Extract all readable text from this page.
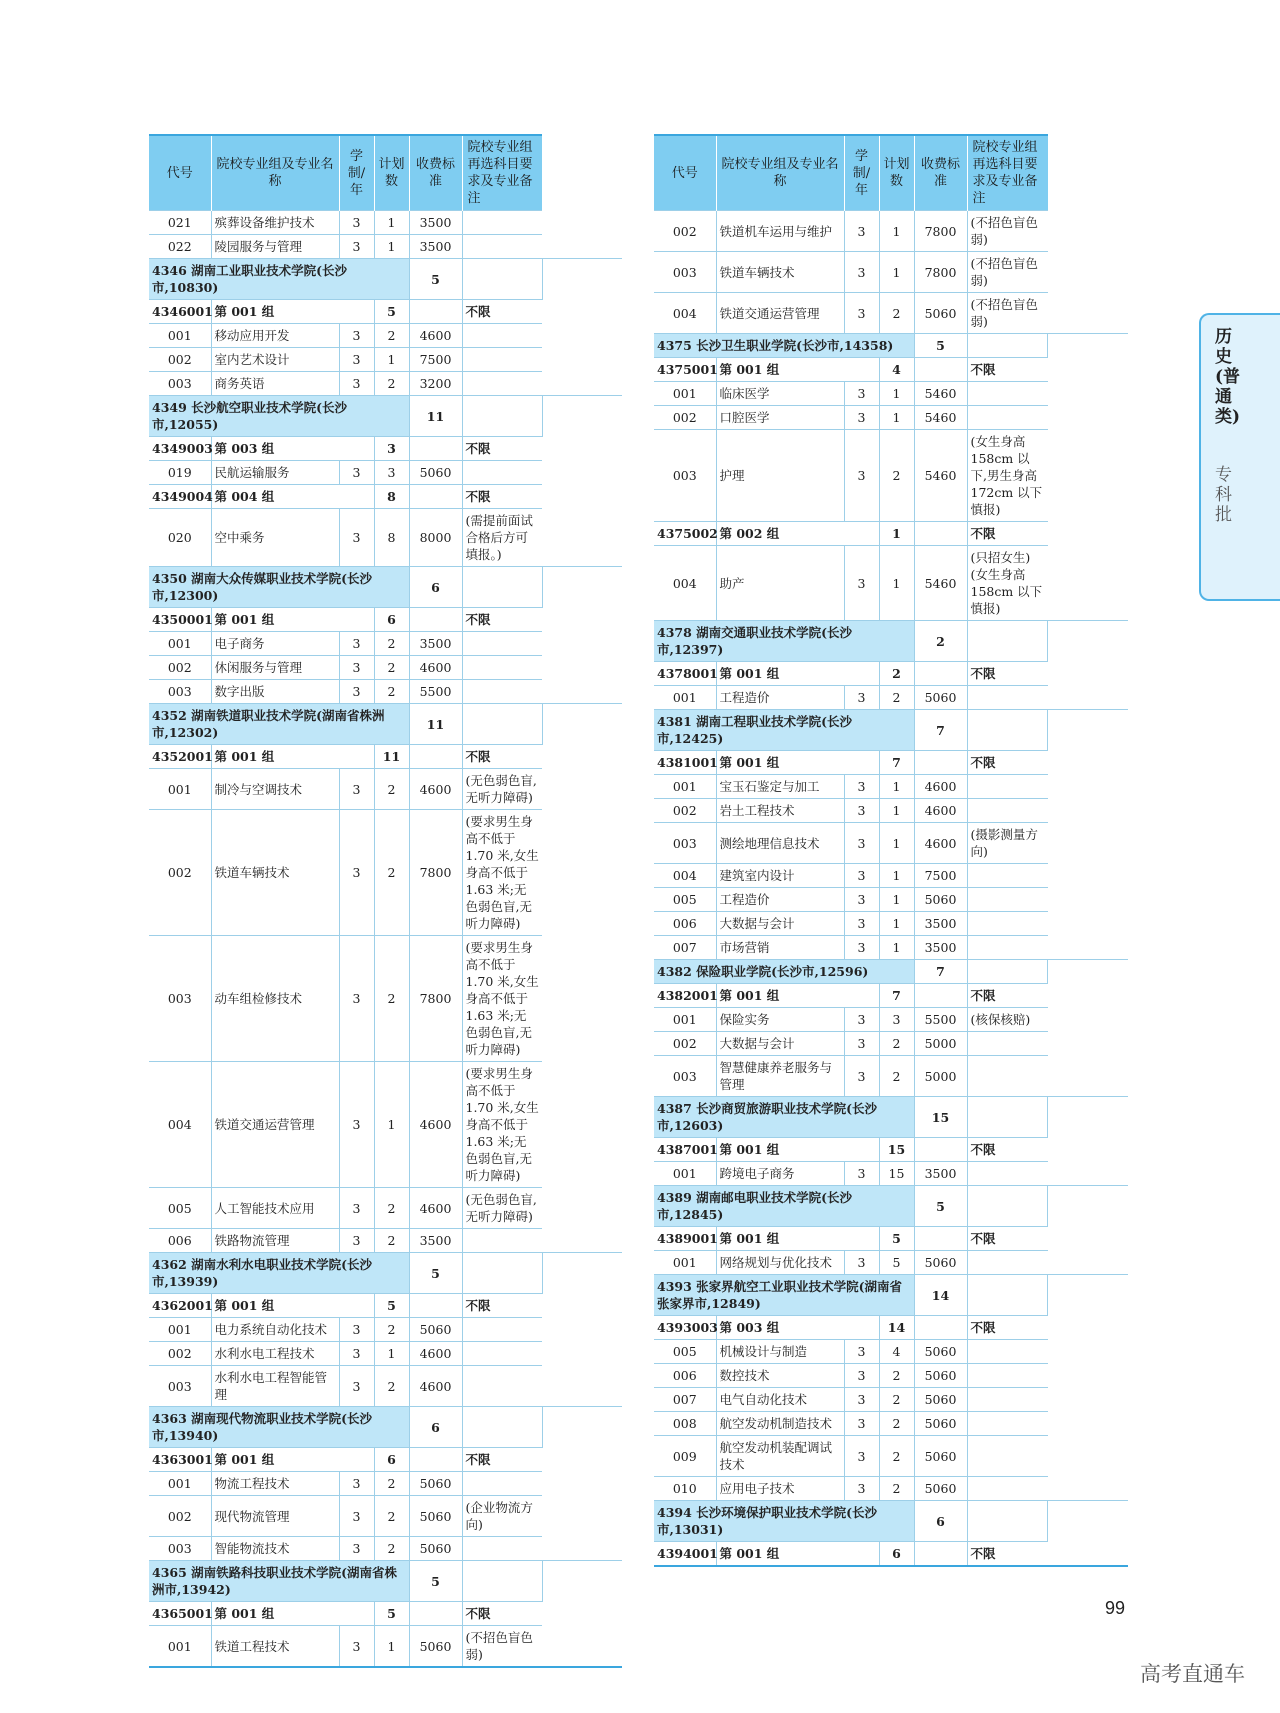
代号	院校专业组及专业名称	学制/年	计划数	收费标准	院校专业组再选科目要求及专业备注	
021	殡葬设备维护技术	3	1	3500		
022	陵园服务与管理	3	1	3500		
4346 湖南工业职业技术学院(长沙市,10830)				5		
4346001	第 001 组		5		不限	
001	移动应用开发	3	2	4600		
002	室内艺术设计	3	1	7500		
003	商务英语	3	2	3200		
4349 长沙航空职业技术学院(长沙市,12055)				11		
4349003	第 003 组		3		不限	
019	民航运输服务	3	3	5060		
4349004	第 004 组		8		不限	
020	空中乘务	3	8	8000	(需提前面试合格后方可填报。)	
4350 湖南大众传媒职业技术学院(长沙市,12300)				6		
4350001	第 001 组		6		不限	
001	电子商务	3	2	3500		
002	休闲服务与管理	3	2	4600		
003	数字出版	3	2	5500		
4352 湖南铁道职业技术学院(湖南省株洲市,12302)				11		
4352001	第 001 组		11		不限	
001	制冷与空调技术	3	2	4600	(无色弱色盲,无听力障碍)	
002	铁道车辆技术	3	2	7800	(要求男生身高不低于 1.70 米,女生身高不低于 1.63 米;无色弱色盲,无听力障碍)	
003	动车组检修技术	3	2	7800	(要求男生身高不低于 1.70 米,女生身高不低于 1.63 米;无色弱色盲,无听力障碍)	
004	铁道交通运营管理	3	1	4600	(要求男生身高不低于 1.70 米,女生身高不低于 1.63 米;无色弱色盲,无听力障碍)	
005	人工智能技术应用	3	2	4600	(无色弱色盲,无听力障碍)	
006	铁路物流管理	3	2	3500		
4362 湖南水利水电职业技术学院(长沙市,13939)				5		
4362001	第 001 组		5		不限	
001	电力系统自动化技术	3	2	5060		
002	水利水电工程技术	3	1	4600		
003	水利水电工程智能管理	3	2	4600		
4363 湖南现代物流职业技术学院(长沙市,13940)				6		
4363001	第 001 组		6		不限	
001	物流工程技术	3	2	5060		
002	现代物流管理	3	2	5060	(企业物流方向)	
003	智能物流技术	3	2	5060		
4365 湖南铁路科技职业技术学院(湖南省株洲市,13942)				5		
4365001	第 001 组		5		不限	
001	铁道工程技术	3	1	5060	(不招色盲色弱)	
代号	院校专业组及专业名称	学制/年	计划数	收费标准	院校专业组再选科目要求及专业备注	
002	铁道机车运用与维护	3	1	7800	(不招色盲色弱)	
003	铁道车辆技术	3	1	7800	(不招色盲色弱)	
004	铁道交通运营管理	3	2	5060	(不招色盲色弱)	
4375 长沙卫生职业学院(长沙市,14358)				5		
4375001	第 001 组		4		不限	
001	临床医学	3	1	5460		
002	口腔医学	3	1	5460		
003	护理	3	2	5460	(女生身高 158cm 以下,男生身高 172cm 以下慎报)	
4375002	第 002 组		1		不限	
004	助产	3	1	5460	(只招女生)(女生身高 158cm 以下慎报)	
4378 湖南交通职业技术学院(长沙市,12397)				2		
4378001	第 001 组		2		不限	
001	工程造价	3	2	5060		
4381 湖南工程职业技术学院(长沙市,12425)				7		
4381001	第 001 组		7		不限	
001	宝玉石鉴定与加工	3	1	4600		
002	岩土工程技术	3	1	4600		
003	测绘地理信息技术	3	1	4600	(摄影测量方向)	
004	建筑室内设计	3	1	7500		
005	工程造价	3	1	5060		
006	大数据与会计	3	1	3500		
007	市场营销	3	1	3500		
4382 保险职业学院(长沙市,12596)				7		
4382001	第 001 组		7		不限	
001	保险实务	3	3	5500	(核保核赔)	
002	大数据与会计	3	2	5000		
003	智慧健康养老服务与管理	3	2	5000		
4387 长沙商贸旅游职业技术学院(长沙市,12603)				15		
4387001	第 001 组		15		不限	
001	跨境电子商务	3	15	3500		
4389 湖南邮电职业技术学院(长沙市,12845)				5		
4389001	第 001 组		5		不限	
001	网络规划与优化技术	3	5	5060		
4393 张家界航空工业职业技术学院(湖南省张家界市,12849)				14		
4393003	第 003 组		14		不限	
005	机械设计与制造	3	4	5060		
006	数控技术	3	2	5060		
007	电气自动化技术	3	2	5060		
008	航空发动机制造技术	3	2	5060		
009	航空发动机装配调试技术	3	2	5060		
010	应用电子技术	3	2	5060		
4394 长沙环境保护职业技术学院(长沙市,13031)				6		
4394001	第 001 组		6		不限	
历史(普通类)
专科批
99
高考直通车
